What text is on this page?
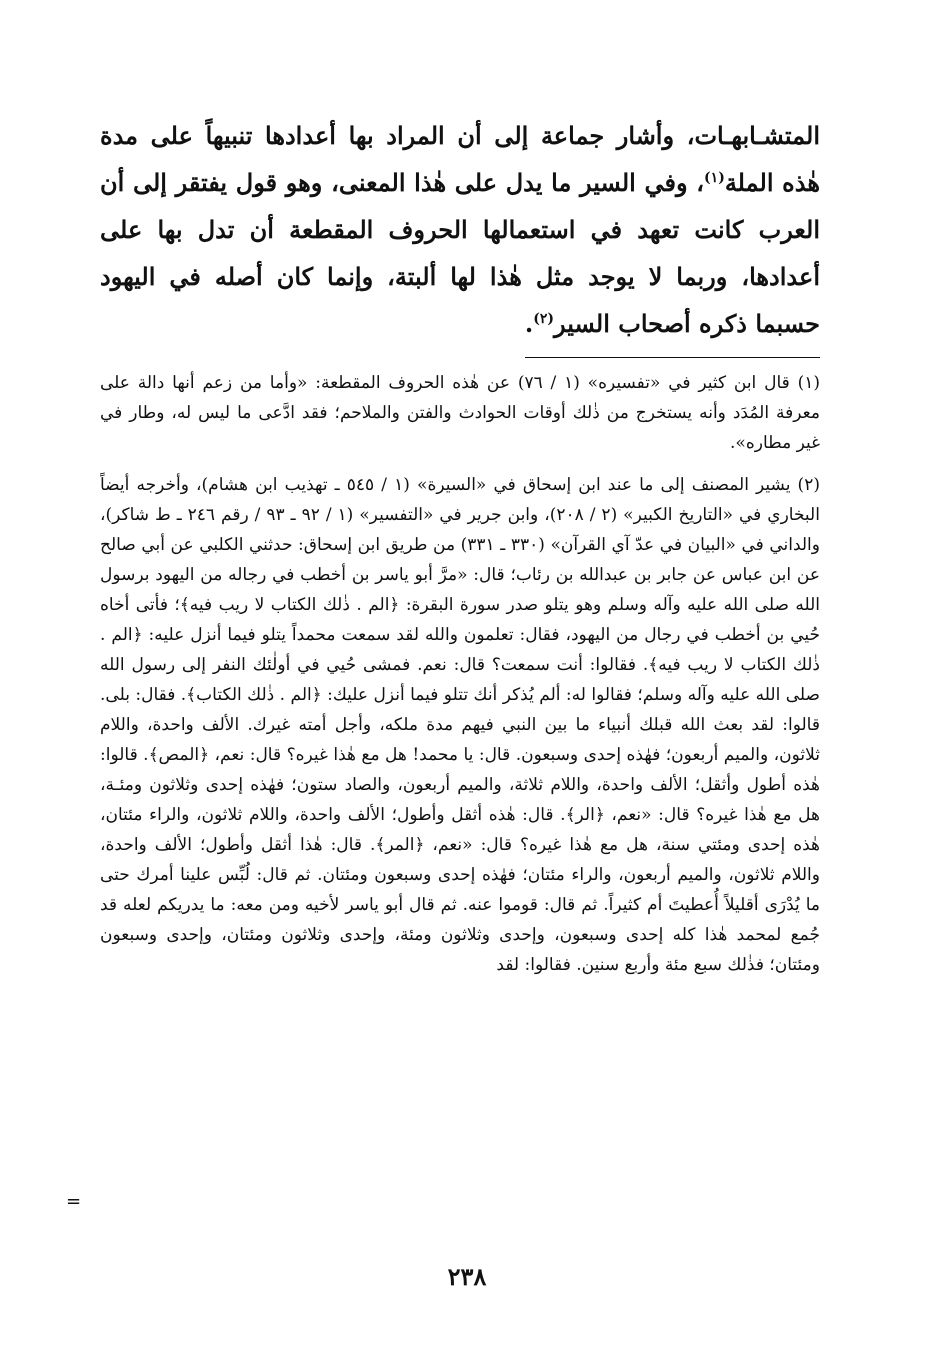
المتشـابهـات، وأشار جماعة إلى أن المراد بها أعدادها تنبيهاً على مدة هٰذه الملة$^{(١)}$، وفي السير ما يدل على هٰذا المعنى، وهو قول يفتقر إلى أن العرب كانت تعهد في استعمالها الحروف المقطعة أن تدل بها على أعدادها، وربما لا يوجد مثل هٰذا لها ألبتة، وإنما كان أصله في اليهود حسبما ذكره أصحاب السير$^{(٢)}$.

(١) قال ابن كثير في «تفسيره» (١ / ٧٦) عن هٰذه الحروف المقطعة: «وأما من زعم أنها دالة على معرفة المُدَد وأنه يستخرج من ذٰلك أوقات الحوادث والفتن والملاحم؛ فقد ادَّعى ما ليس له، وطار في غير مطاره».

(٢) يشير المصنف إلى ما عند ابن إسحاق في «السيرة» (١ / ٥٤٥ ـ تهذيب ابن هشام)، وأخرجه أيضاً البخاري في «التاريخ الكبير» (٢ / ٢٠٨)، وابن جرير في «التفسير» (١ / ٩٢ ـ ٩٣ / رقم ٢٤٦ ـ ط شاكر)، والداني في «البيان في عدّ آي القرآن» (٣٣٠ ـ ٣٣١) من طريق ابن إسحاق: حدثني الكلبي عن أبي صالح عن ابن عباس عن جابر بن عبدالله بن رئاب؛ قال: «مرَّ أبو ياسر بن أخطب في رجاله من اليهود برسول الله صلى الله عليه وآله وسلم وهو يتلو صدر سورة البقرة: ﴿الم . ذٰلك الكتاب لا ريب فيه﴾؛ فأتى أخاه حُيي بن أخطب في رجال من اليهود، فقال: تعلمون والله لقد سمعت محمداً يتلو فيما أنزل عليه: ﴿الم . ذٰلك الكتاب لا ريب فيه﴾. فقالوا: أنت سمعت؟ قال: نعم. فمشى حُيي في أولٰئك النفر إلى رسول الله صلى الله عليه وآله وسلم؛ فقالوا له: ألم يُذكر أنك تتلو فيما أنزل عليك: ﴿الم . ذٰلك الكتاب﴾. فقال: بلى. قالوا: لقد بعث الله قبلك أنبياء ما بين النبي فيهم مدة ملكه، وأجل أمته غيرك. الألف واحدة، واللام ثلاثون، والميم أربعون؛ فهٰذه إحدى وسبعون. قال: يا محمد! هل مع هٰذا غيره؟ قال: نعم، ﴿المص﴾. قالوا: هٰذه أطول وأثقل؛ الألف واحدة، واللام ثلاثة، والميم أربعون، والصاد ستون؛ فهٰذه إحدى وثلاثون ومئـة، هل مع هٰذا غيره؟ قال: «نعم، ﴿الر﴾. قال: هٰذه أثقل وأطول؛ الألف واحدة، واللام ثلاثون، والراء مئتان، هٰذه إحدى ومئتي سنة، هل مع هٰذا غيره؟ قال: «نعم، ﴿المر﴾. قال: هٰذا أثقل وأطول؛ الألف واحدة، واللام ثلاثون، والميم أربعون، والراء مئتان؛ فهٰذه إحدى وسبعون ومئتان. ثم قال: لُبِّس علينا أمرك حتى ما يُدْرَى أقليلاً أُعطيتَ أم كثيراً. ثم قال: قوموا عنه. ثم قال أبو ياسر لأخيه ومن معه: ما يدريكم لعله قد جُمع لمحمد هٰذا كله إحدى وسبعون، وإحدى وثلاثون ومئة، وإحدى وثلاثون ومئتان، وإحدى وسبعون ومئتان؛ فذٰلك سبع مئة وأربع سنين. فقالوا: لقد

=
٢٣٨
